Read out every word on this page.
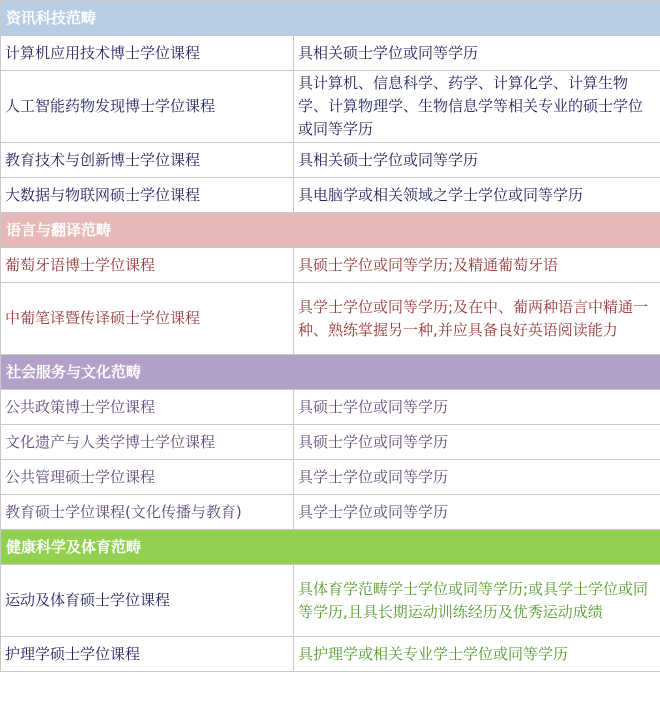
资讯科技范畴	
计算机应用技术博士学位课程	具相关硕士学位或同等学历
人工智能药物发现博士学位课程	具计算机、信息科学、药学、计算化学、计算生物学、计算物理学、生物信息学等相关专业的硕士学位或同等学历
教育技术与创新博士学位课程	具相关硕士学位或同等学历
大数据与物联网硕士学位课程	具电脑学或相关领域之学士学位或同等学历
语言与翻译范畴	
葡萄牙语博士学位课程	具硕士学位或同等学历;及精通葡萄牙语
中葡笔译暨传译硕士学位课程	具学士学位或同等学历;及在中、葡两种语言中精通一种、熟练掌握另一种,并应具备良好英语阅读能力
社会服务与文化范畴	
公共政策博士学位课程	具硕士学位或同等学历
文化遗产与人类学博士学位课程	具硕士学位或同等学历
公共管理硕士学位课程	具学士学位或同等学历
教育硕士学位课程(文化传播与教育)	具学士学位或同等学历
健康科学及体育范畴	
运动及体育硕士学位课程	具体育学范畴学士学位或同等学历;或具学士学位或同等学历,且具长期运动训练经历及优秀运动成绩
护理学硕士学位课程	具护理学或相关专业学士学位或同等学历
